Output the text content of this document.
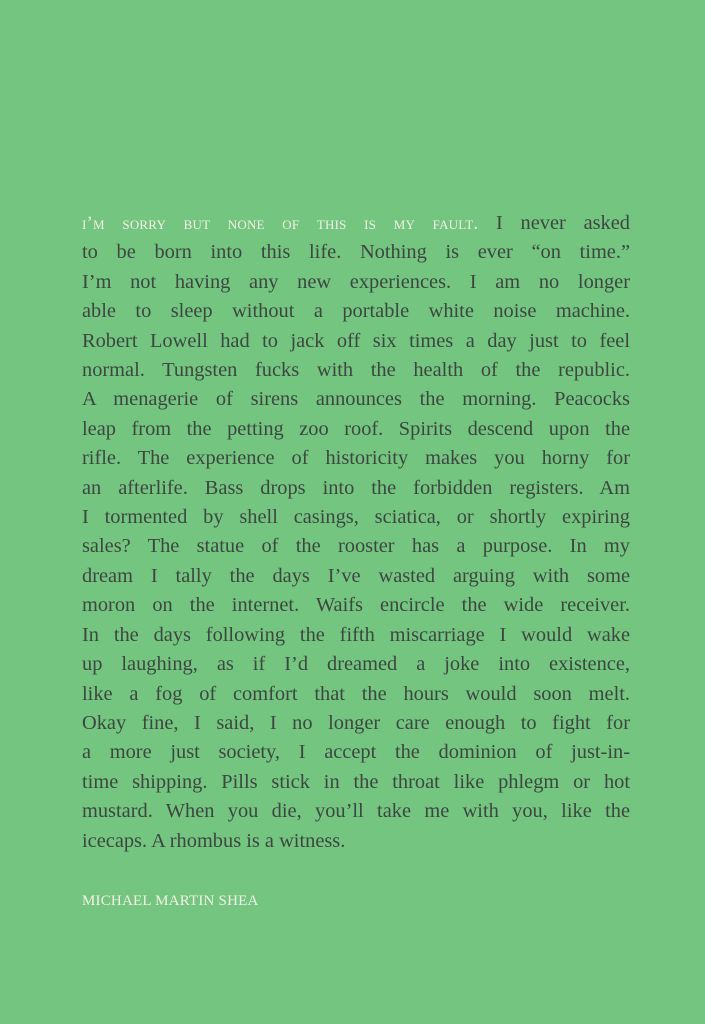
i’m sorry but none of this is my fault. I never asked
to be born into this life. Nothing is ever “on time.”
I’m not having any new experiences. I am no longer
able to sleep without a portable white noise machine.
Robert Lowell had to jack off six times a day just to feel
normal. Tungsten fucks with the health of the republic.
A menagerie of sirens announces the morning. Peacocks
leap from the petting zoo roof. Spirits descend upon the
rifle. The experience of historicity makes you horny for
an afterlife. Bass drops into the forbidden registers. Am
I tormented by shell casings, sciatica, or shortly expiring
sales? The statue of the rooster has a purpose. In my
dream I tally the days I’ve wasted arguing with some
moron on the internet. Waifs encircle the wide receiver.
In the days following the fifth miscarriage I would wake
up laughing, as if I’d dreamed a joke into existence,
like a fog of comfort that the hours would soon melt.
Okay fine, I said, I no longer care enough to fight for
a more just society, I accept the dominion of just-in-
time shipping. Pills stick in the throat like phlegm or hot
mustard. When you die, you’ll take me with you, like the
icecaps. A rhombus is a witness.
MICHAEL MARTIN SHEA
